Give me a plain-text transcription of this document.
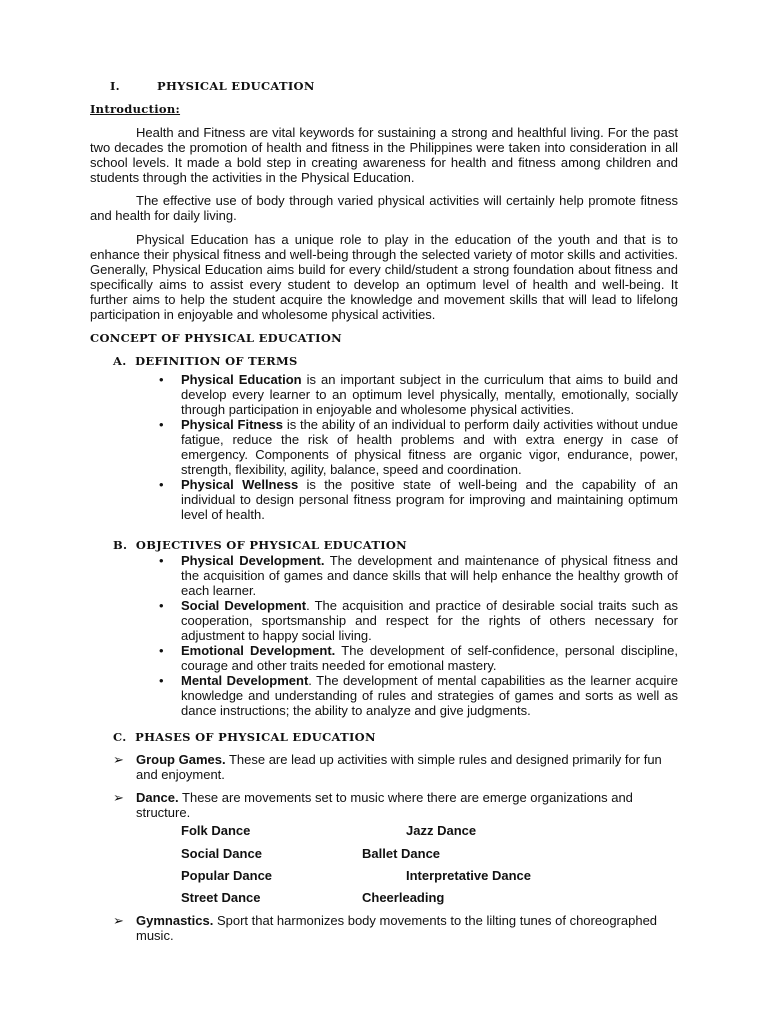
I.	PHYSICAL EDUCATION
Introduction:
Health and Fitness are vital keywords for sustaining a strong and healthful living. For the past two decades the promotion of health and fitness in the Philippines were taken into consideration in all school levels. It made a bold step in creating awareness for health and fitness among children and students through the activities in the Physical Education.
The effective use of body through varied physical activities will certainly help promote fitness and health for daily living.
Physical Education has a unique role to play in the education of the youth and that is to enhance their physical fitness and well-being through the selected variety of motor skills and activities. Generally, Physical Education aims build for every child/student a strong foundation about fitness and specifically aims to assist every student to develop an optimum level of health and well-being. It further aims to help the student acquire the knowledge and movement skills that will lead to lifelong participation in enjoyable and wholesome physical activities.
CONCEPT OF PHYSICAL EDUCATION
A.  DEFINITION OF TERMS
•	Physical Education is an important subject in the curriculum that aims to build and develop every learner to an optimum level physically, mentally, emotionally, socially through participation in enjoyable and wholesome physical activities.
•	Physical Fitness is the ability of an individual to perform daily activities without undue fatigue, reduce the risk of health problems and with extra energy in case of emergency. Components of physical fitness are organic vigor, endurance, power, strength, flexibility, agility, balance, speed and coordination.
•	Physical Wellness is the positive state of well-being and the capability of an individual to design personal fitness program for improving and maintaining optimum level of health.
B.  OBJECTIVES OF PHYSICAL EDUCATION
•	Physical Development. The development and maintenance of physical fitness and the acquisition of games and dance skills that will help enhance the healthy growth of each learner.
•	Social Development. The acquisition and practice of desirable social traits such as cooperation, sportsmanship and respect for the rights of others necessary for adjustment to happy social living.
•	Emotional Development. The development of self-confidence, personal discipline, courage and other traits needed for emotional mastery.
•	Mental Development. The development of mental capabilities as the learner acquire knowledge and understanding of rules and strategies of games and sorts as well as dance instructions; the ability to analyze and give judgments.
C.  PHASES OF PHYSICAL EDUCATION
➢ Group Games. These are lead up activities with simple rules and designed primarily for fun and enjoyment.
➢ Dance. These are movements set to music where there are emerge organizations and structure.
Folk Dance	Jazz Dance
Social Dance	Ballet Dance
Popular Dance	Interpretative Dance
Street Dance	Cheerleading
➢ Gymnastics. Sport that harmonizes body movements to the lilting tunes of choreographed music.
